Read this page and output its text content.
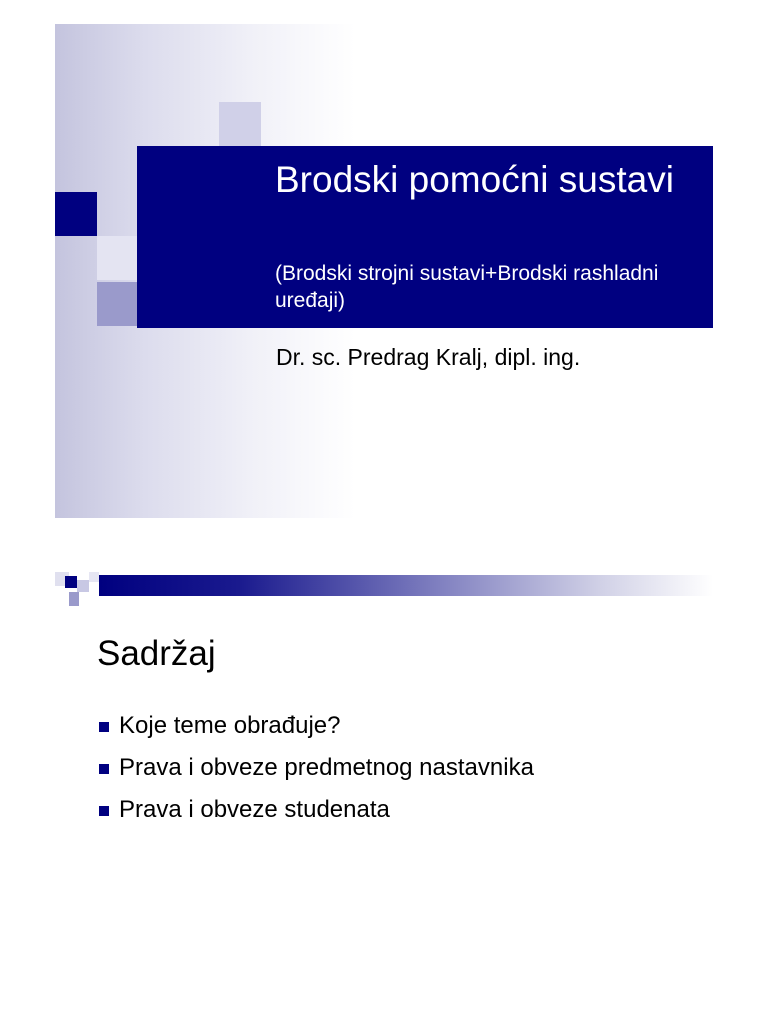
Brodski pomoćni sustavi
(Brodski strojni sustavi+Brodski rashladni uređaji)
Dr. sc. Predrag Kralj, dipl. ing.
Sadržaj
Koje teme obrađuje?
Prava i obveze predmetnog nastavnika
Prava i obveze studenata
